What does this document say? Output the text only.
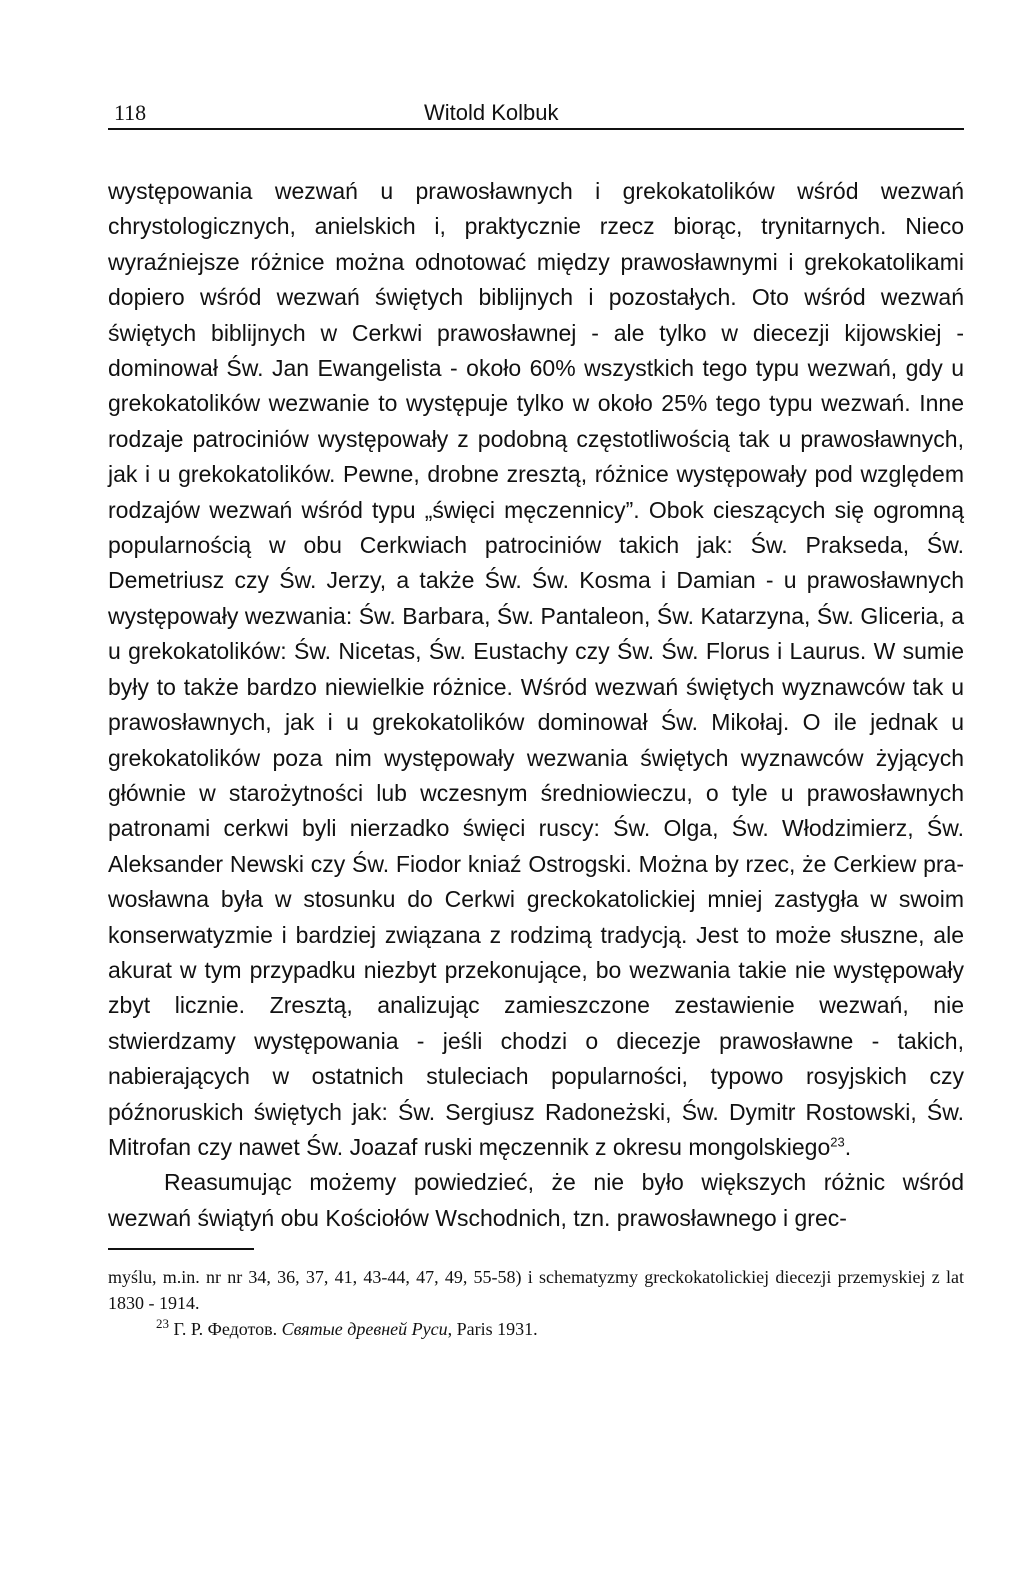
118	Witold Kolbuk

występowania wezwań u prawosławnych i grekokatolików wśród wezwań chrystologicznych, anielskich i, praktycznie rzecz biorąc, trynitarnych. Nieco wyraźniejsze różnice można odnotować między prawosławnymi i grekokatolikami dopiero wśród wezwań świętych biblijnych i pozostałych. Oto wśród wezwań świętych biblijnych w Cerkwi prawosławnej - ale tylko w diecezji kijowskiej - dominował Św. Jan Ewangelista - około 60% wszystkich tego typu wezwań, gdy u grekokatolików wezwanie to występuje tylko w około 25% tego typu wezwań. Inne rodzaje patrociniów występowały z podobną częstotliwością tak u prawosławnych, jak i u grekokatolików. Pewne, drobne zresztą, różnice występowały pod względem rodzajów wezwań wśród typu „święci męczennicy”. Obok cieszących się ogromną popularnością w obu Cerkwiach patrociniów takich jak: Św. Prakseda, Św. Demetriusz czy Św. Jerzy, a także Św. Św. Kosma i Damian - u prawosławnych występowały wezwania: Św. Barbara, Św. Pantaleon, Św. Katarzyna, Św. Gliceria, a u grekokatolików: Św. Nicetas, Św. Eustachy czy Św. Św. Florus i Laurus. W sumie były to także bardzo niewielkie różnice. Wśród wezwań świętych wyznawców tak u prawosławnych, jak i u grekokatolików dominował Św. Mikołaj. O ile jednak u grekokatolików poza nim występowały wezwania świętych wyznawców żyjących głównie w starożytności lub wczesnym średniowieczu, o tyle u prawosławnych patronami cerkwi byli nierzadko święci ruscy: Św. Olga, Św. Włodzimierz, Św. Aleksander Newski czy Św. Fiodor kniaź Ostrogski. Można by rzec, że Cerkiew prawosławna była w stosunku do Cerkwi greckokatolickiej mniej zastygła w swoim konserwatyzmie i bardziej związana z rodzimą tradycją. Jest to może słuszne, ale akurat w tym przypadku niezbyt przekonujące, bo wezwania takie nie występowały zbyt licznie. Zresztą, analizując zamieszczone zestawienie wezwań, nie stwierdzamy występowania - jeśli chodzi o diecezje prawosławne - takich, nabierających w ostatnich stuleciach popularności, typowo rosyjskich czy późnoruskich świętych jak: Św. Sergiusz Radoneżski, Św. Dymitr Rostowski, Św. Mitrofan czy nawet Św. Joazaf ruski męczennik z okresu mongolskiego$^{23}$.

Reasumując możemy powiedzieć, że nie było większych różnic wśród wezwań świątyń obu Kościołów Wschodnich, tzn. prawosławnego i grec-

myślu, m.in. nr nr 34, 36, 37, 41, 43-44, 47, 49, 55-58) i schematyzmy greckokatolickiej diecezji przemyskiej z lat 1830 - 1914.

$^{23}$ Г. Р. Федотов. Святые древней Руси, Paris 1931.
